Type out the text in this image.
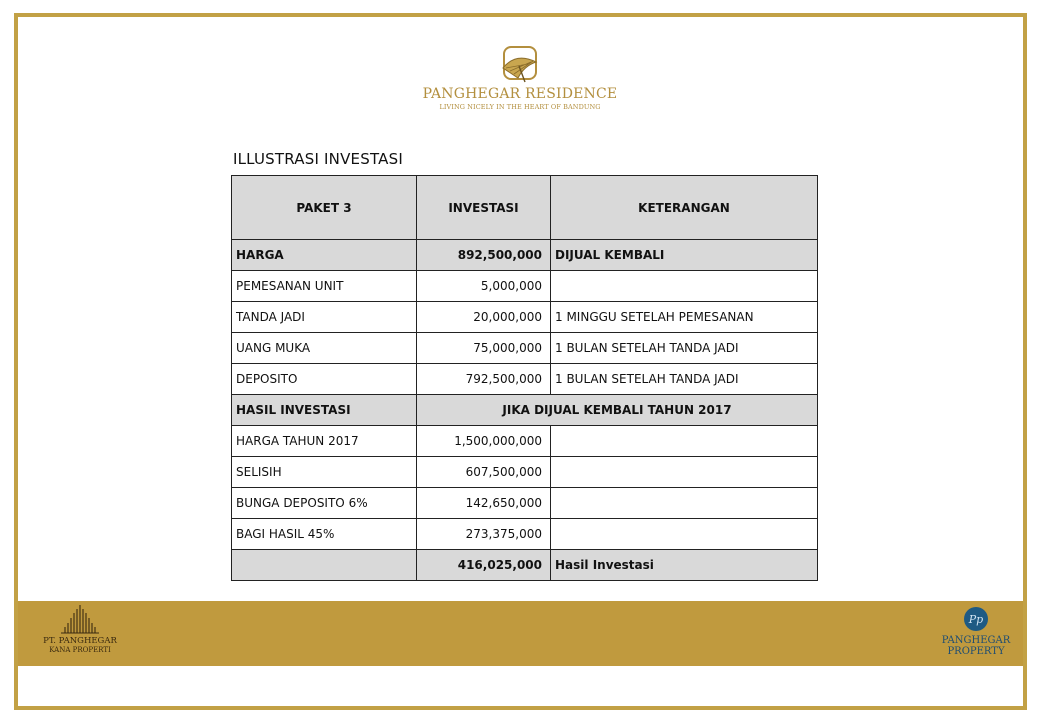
PANGHEGAR RESIDENCE
LIVING NICELY IN THE HEART OF BANDUNG
ILLUSTRASI INVESTASI
PAKET 3	INVESTASI	KETERANGAN
HARGA	892,500,000	DIJUAL KEMBALI
PEMESANAN UNIT	5,000,000	
TANDA JADI	20,000,000	1 MINGGU SETELAH PEMESANAN
UANG MUKA	75,000,000	1 BULAN SETELAH TANDA JADI
DEPOSITO	792,500,000	1 BULAN SETELAH TANDA JADI
HASIL INVESTASI	JIKA DIJUAL KEMBALI TAHUN 2017	
HARGA TAHUN 2017	1,500,000,000	
SELISIH	607,500,000	
BUNGA DEPOSITO 6%	142,650,000	
BAGI HASIL 45%	273,375,000	
	416,025,000	Hasil Investasi
PT. PANGHEGAR
KANA PROPERTI
Pp
PANGHEGAR
PROPERTY
